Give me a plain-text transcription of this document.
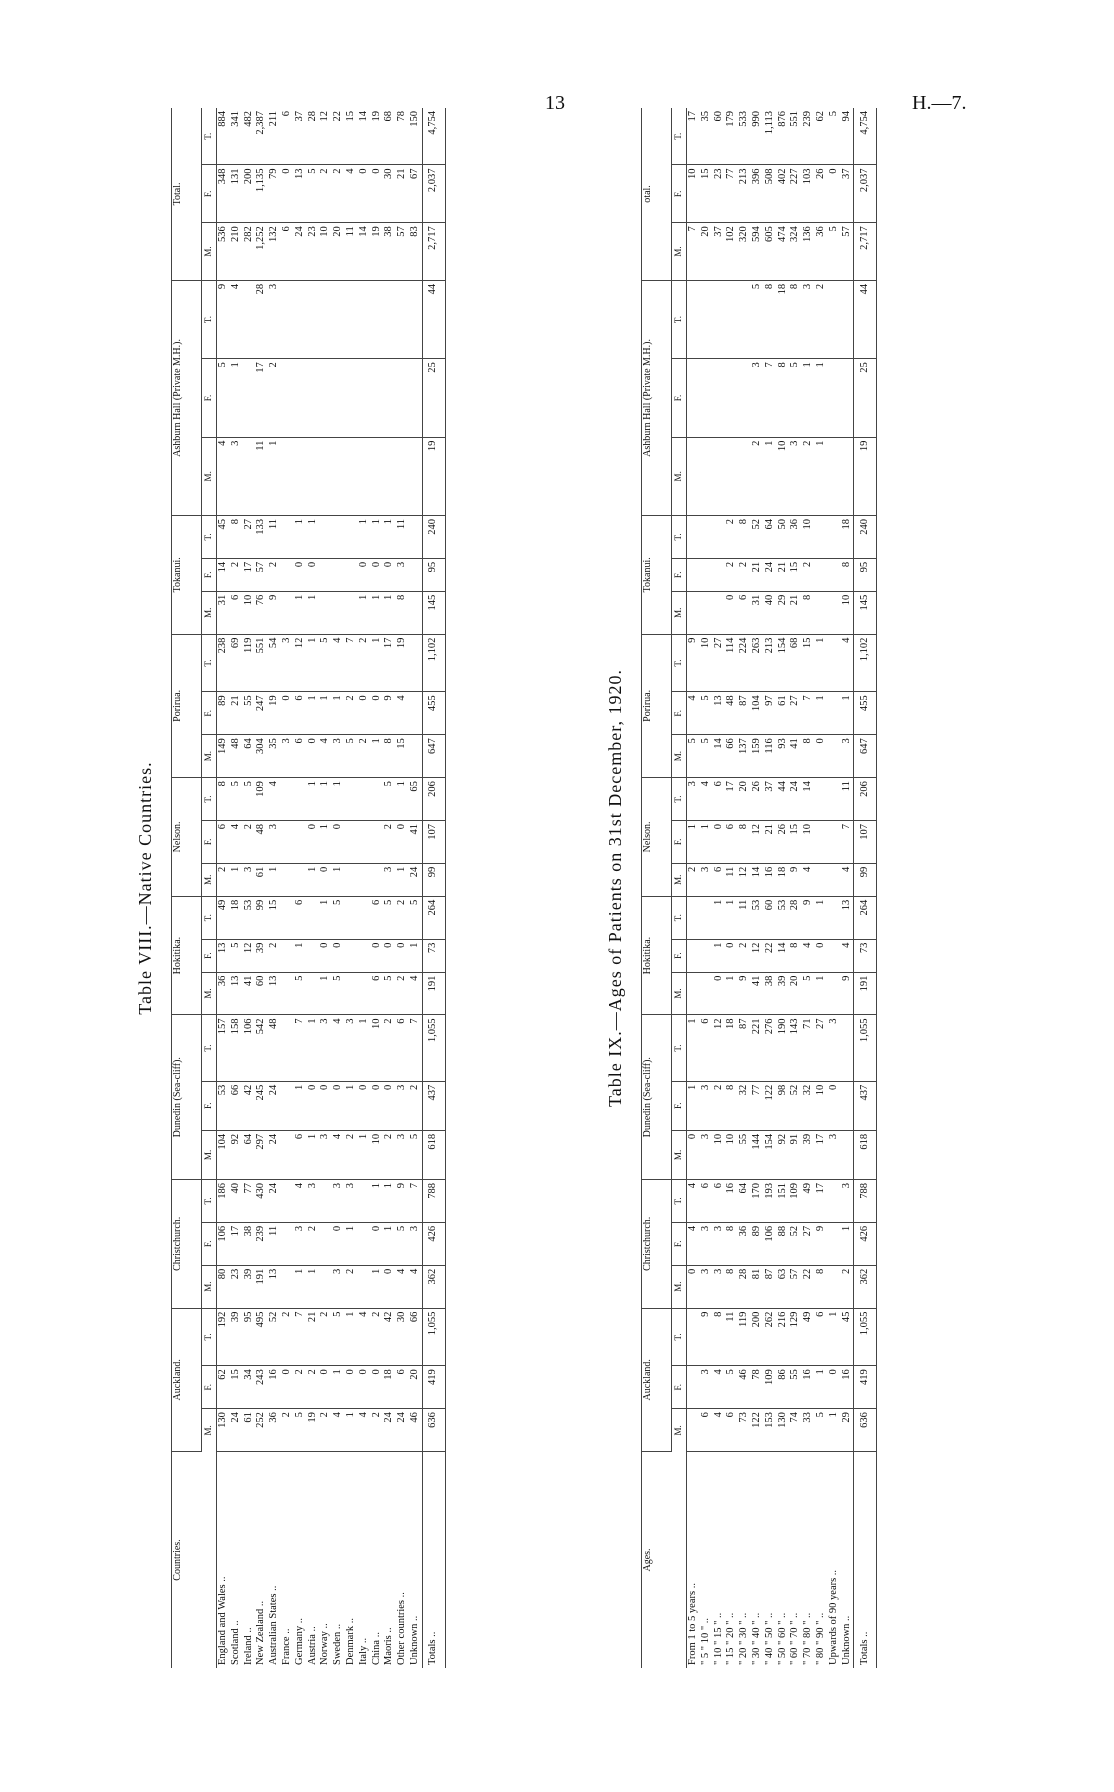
13	H.—7.
Table VIII.—Native Countries.
Countries.	Auckland.			Christchurch.			Dunedin (Sea-cliff).			Hokitika.			Nelson.			Porirua.			Tokanui.			Ashburn Hall (Private M.H.).			Total.		
	M.	F.	T.	M.	F.	T.	M.	F.	T.	M.	F.	T.	M.	F.	T.	M.	F.	T.	M.	F.	T.	M.	F.	T.	M.	F.	T.
England and Wales ..	130	62	192	80	106	186	104	53	157	36	13	49	2	6	8	149	89	238	31	14	45	4	5	9	536	348	884
Scotland ..	24	15	39	23	17	40	92	66	158	13	5	18	1	4	5	48	21	69	6	2	8	3	1	4	210	131	341
Ireland ..	61	34	95	39	38	77	64	42	106	41	12	53	3	2	5	64	55	119	10	17	27				282	200	482
New Zealand ..	252	243	495	191	239	430	297	245	542	60	39	99	61	48	109	304	247	551	76	57	133	11	17	28	1,252	1,135	2,387
Australian States ..	36	16	52	13	11	24	24	24	48	13	2	15	1	3	4	35	19	54	9	2	11	1	2	3	132	79	211
France ..	2	0	2													3	0	3							6	0	6
Germany ..	5	2	7	1	3	4	6	1	7	5	1	6				6	6	12	1	0	1				24	13	37
Austria ..	19	2	21	1	2	3	1	0	1				1	0	1	0	1	1	1	0	1				23	5	28
Norway ..	2	0	2				3	0	3	1	0	1	0	1	1	4	1	5							10	2	12
Sweden ..	4	1	5	3	0	3	4	0	4	5	0	5	1	0	1	3	1	4							20	2	22
Denmark ..	1	0	1	2	1	3	2	1	3							5	2	7							11	4	15
Italy ..	4	0	4				1	0	1							2	0	2	1	0	1				14	0	14
China ..	2	0	2	1	0	1	10	0	10	6	0	6				1	0	1	1	0	1				19	0	19
Maoris ..	24	18	42	0	1	1	2	0	2	5	0	5	3	2	5	8	9	17	1	0	1				38	30	68
Other countries ..	24	6	30	4	5	9	3	3	6	2	0	2	1	0	1	15	4	19	8	3	11				57	21	78
Unknown ..	46	20	66	4	3	7	5	2	7	4	1	5	24	41	65										83	67	150
Totals ..	636	419	1,055	362	426	788	618	437	1,055	191	73	264	99	107	206	647	455	1,102	145	95	240	19	25	44	2,717	2,037	4,754
Table IX.—Ages of Patients on 31st December, 1920.
Ages.	Auckland.			Christchurch.			Dunedin (Sea-cliff).			Hokitika.			Nelson.			Porirua.			Tokanui.			Ashburn Hall (Private M.H.).			otal.		
	M.	F.	T.	M.	F.	T.	M.	F.	T.	M.	F.	T.	M.	F.	T.	M.	F.	T.	M.	F.	T.	M.	F.	T.	M.	F.	T.
From 1 to 5 years ..				0	4	4	0	1	1				2	1	3	5	4	9							7	10	17
" 5 " 10 " ..	6	3	9	3	3	6	3	3	6				3	1	4	5	5	10							20	15	35
" 10 " 15 " ..	4	4	8	3	3	6	10	2	12	0	1	1	6	0	6	14	13	27							37	23	60
" 15 " 20 " ..	6	5	11	8	8	16	10	8	18	1	0	1	11	6	17	66	48	114	0	2	2				102	77	179
" 20 " 30 " ..	73	46	119	28	36	64	55	32	87	9	2	11	12	8	20	137	87	224	6	2	8				320	213	533
" 30 " 40 " ..	122	78	200	81	89	170	144	77	221	41	12	53	14	12	26	159	104	263	31	21	52	2	3	5	594	396	990
" 40 " 50 " ..	153	109	262	87	106	193	154	122	276	38	22	60	16	21	37	116	97	213	40	24	64	1	7	8	605	508	1,113
" 50 " 60 " ..	130	86	216	63	88	151	92	98	190	39	14	53	18	26	44	93	61	154	29	21	50	10	8	18	474	402	876
" 60 " 70 " ..	74	55	129	57	52	109	91	52	143	20	8	28	9	15	24	41	27	68	21	15	36	3	5	8	324	227	551
" 70 " 80 " ..	33	16	49	22	27	49	39	32	71	5	4	9	4	10	14	8	7	15	8	2	10	2	1	3	136	103	239
" 80 " 90 " ..	5	1	6	8	9	17	17	10	27	1	0	1				0	1	1				1	1	2	36	26	62
Upwards of 90 years ..	1	0	1				3	0	3																5	0	5
Unknown ..	29	16	45	2	1	3				9	4	13	4	7	11	3	1	4	10	8	18				57	37	94
Totals ..	636	419	1,055	362	426	788	618	437	1,055	191	73	264	99	107	206	647	455	1,102	145	95	240	19	25	44	2,717	2,037	4,754
